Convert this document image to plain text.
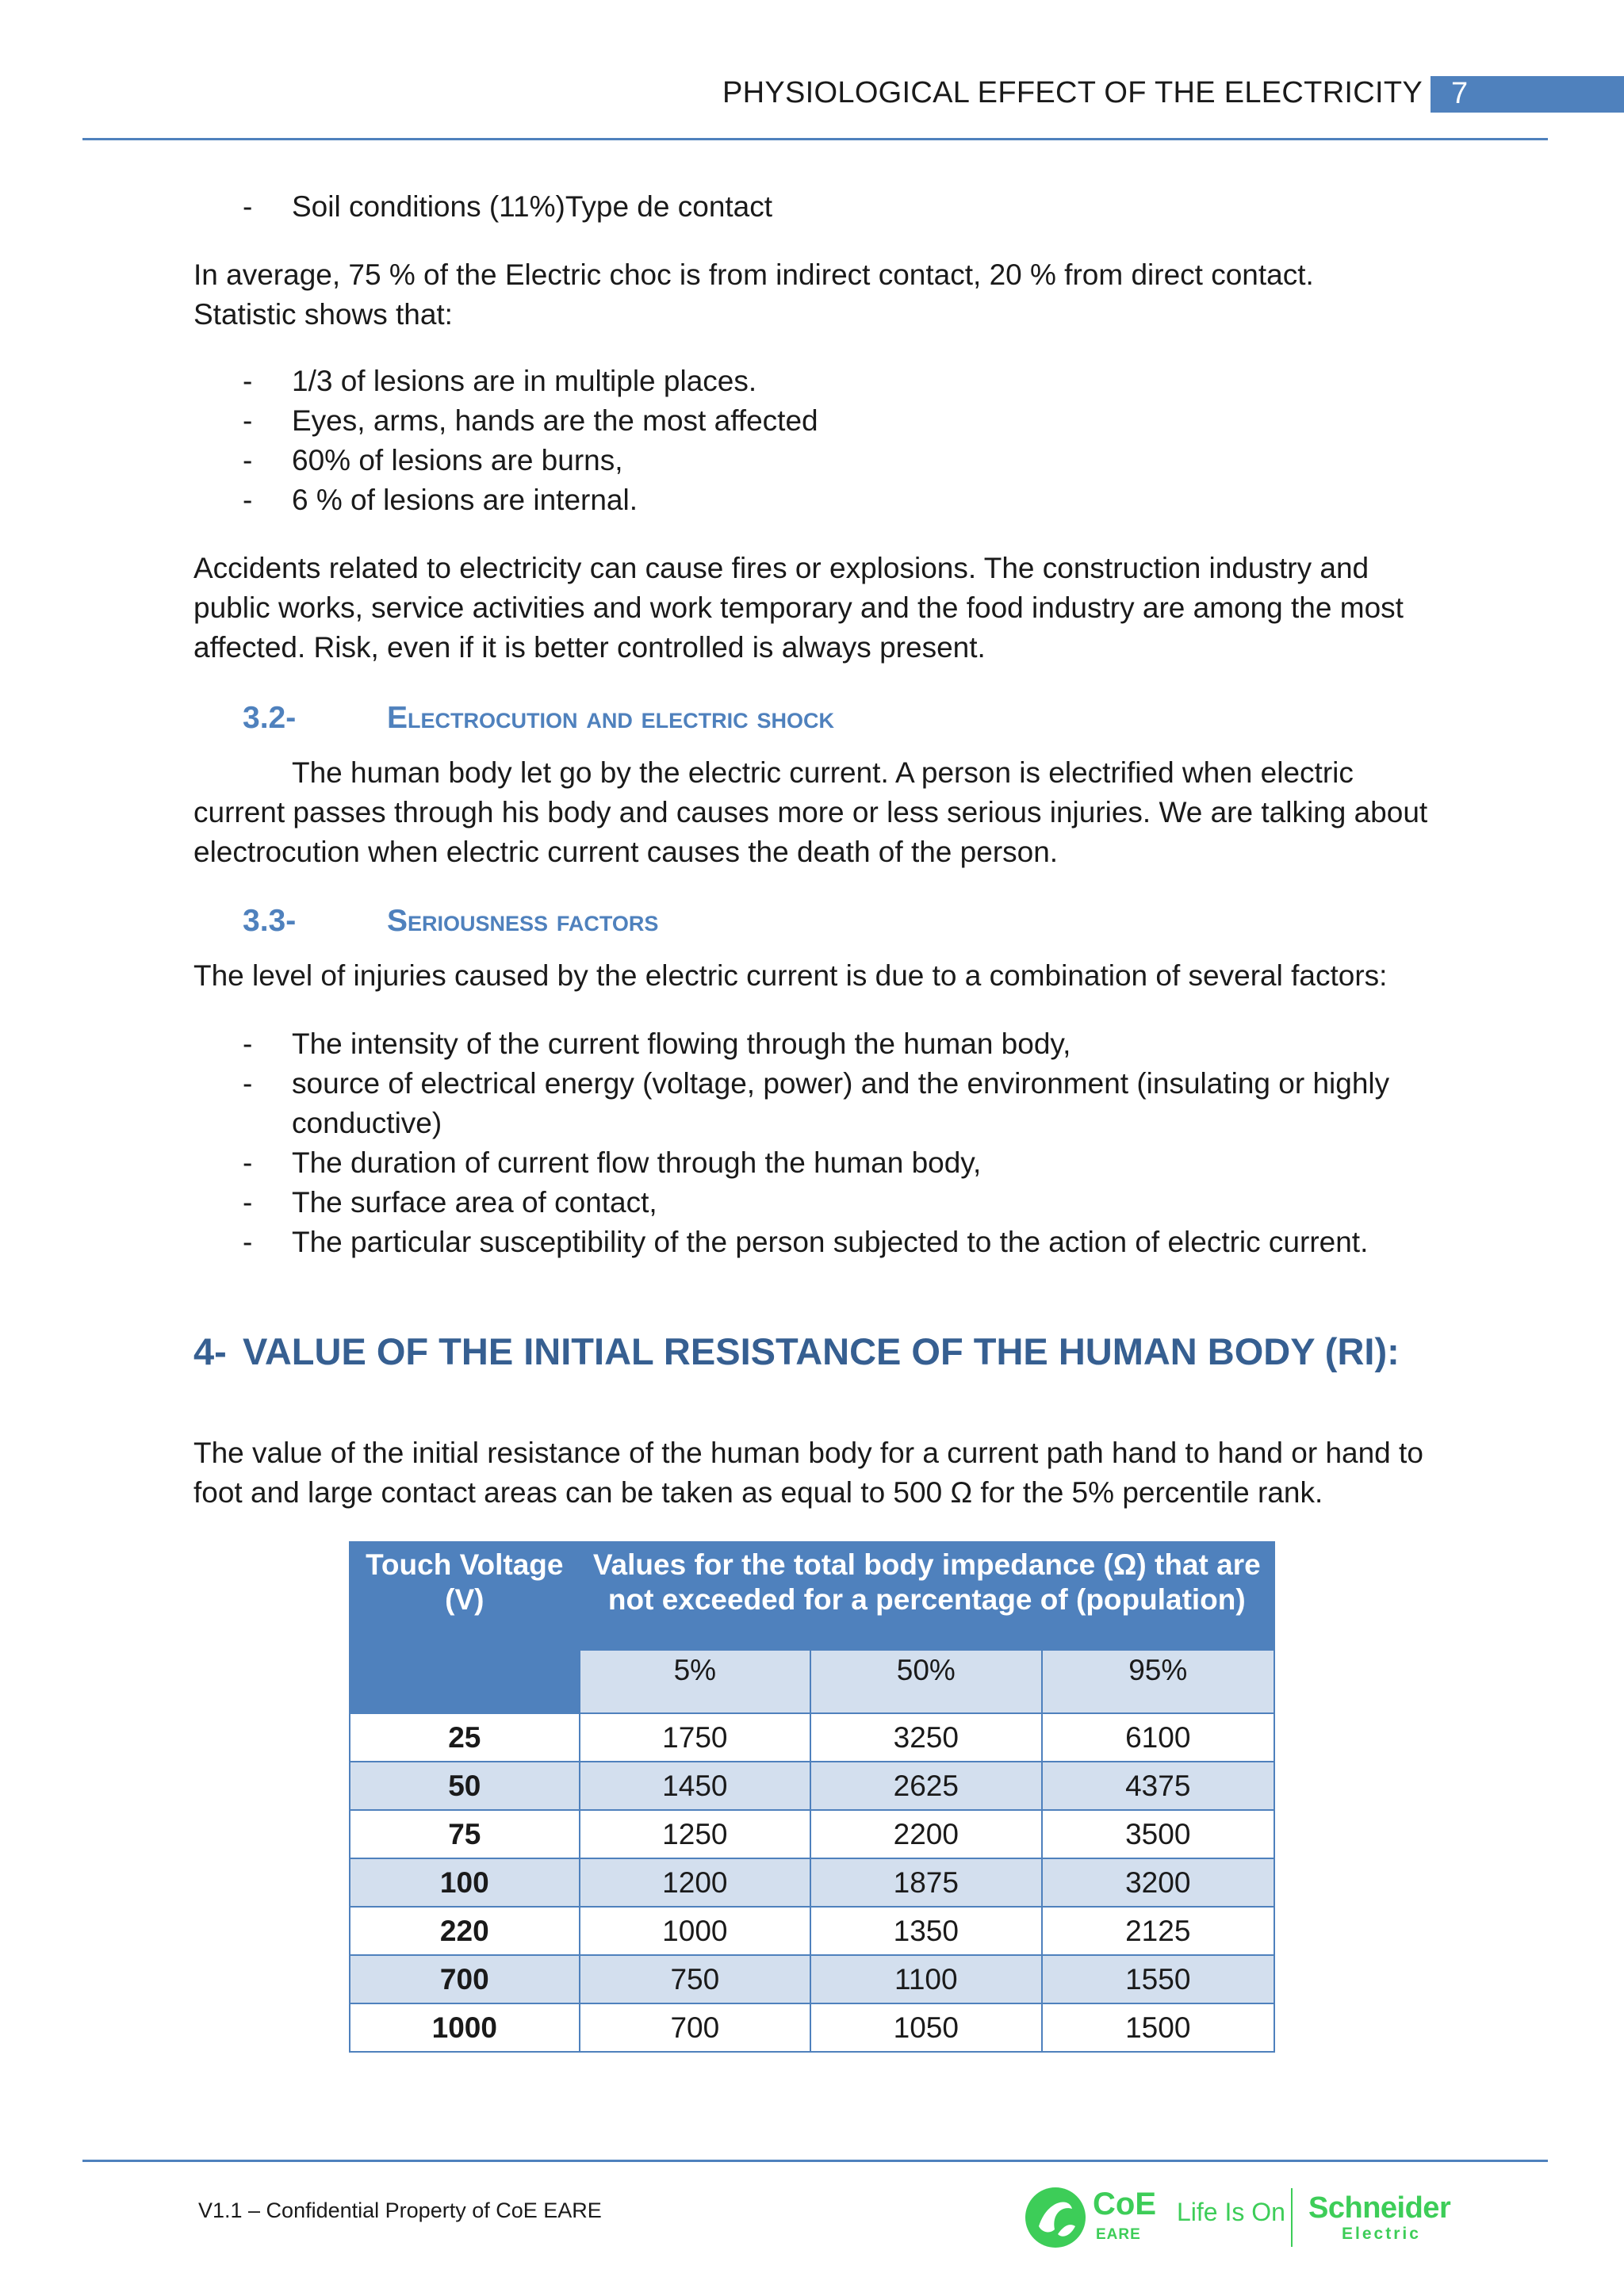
PHYSIOLOGICAL EFFECT OF THE ELECTRICITY 7
- Soil conditions (11%)Type de contact

In average, 75 % of the Electric choc is from indirect contact, 20 % from direct contact. Statistic shows that:

- 1/3 of lesions are in multiple places.
- Eyes, arms, hands are the most affected
- 60% of lesions are burns,
- 6 % of lesions are internal.

Accidents related to electricity can cause fires or explosions. The construction industry and public works, service activities and work temporary and the food industry are among the most affected. Risk, even if it is better controlled is always present.

3.2-	Electrocution and electric shock

The human body let go by the electric current. A person is electrified when electric current passes through his body and causes more or less serious injuries. We are talking about electrocution when electric current causes the death of the person.

3.3-	Seriousness factors

The level of injuries caused by the electric current is due to a combination of several factors:

- The intensity of the current flowing through the human body,
- source of electrical energy (voltage, power) and the environment (insulating or highly conductive)
- The duration of current flow through the human body,
- The surface area of contact,
- The particular susceptibility of the person subjected to the action of electric current.
4- VALUE OF THE INITIAL RESISTANCE OF THE HUMAN BODY (RI):

The value of the initial resistance of the human body for a current path hand to hand or hand to foot and large contact areas can be taken as equal to 500 Ω for the 5% percentile rank.

Touch Voltage (V)	Values for the total body impedance (Ω) that are not exceeded for a percentage of (population)		
	5%	50%	95%
25	1750	3250	6100
50	1450	2625	4375
75	1250	2200	3500
100	1200	1875	3200
220	1000	1350	2125
700	750	1100	1550
1000	700	1050	1500
V1.1 – Confidential Property of CoE EARE	CoE
EARE
Life Is On Schneider
Electric
